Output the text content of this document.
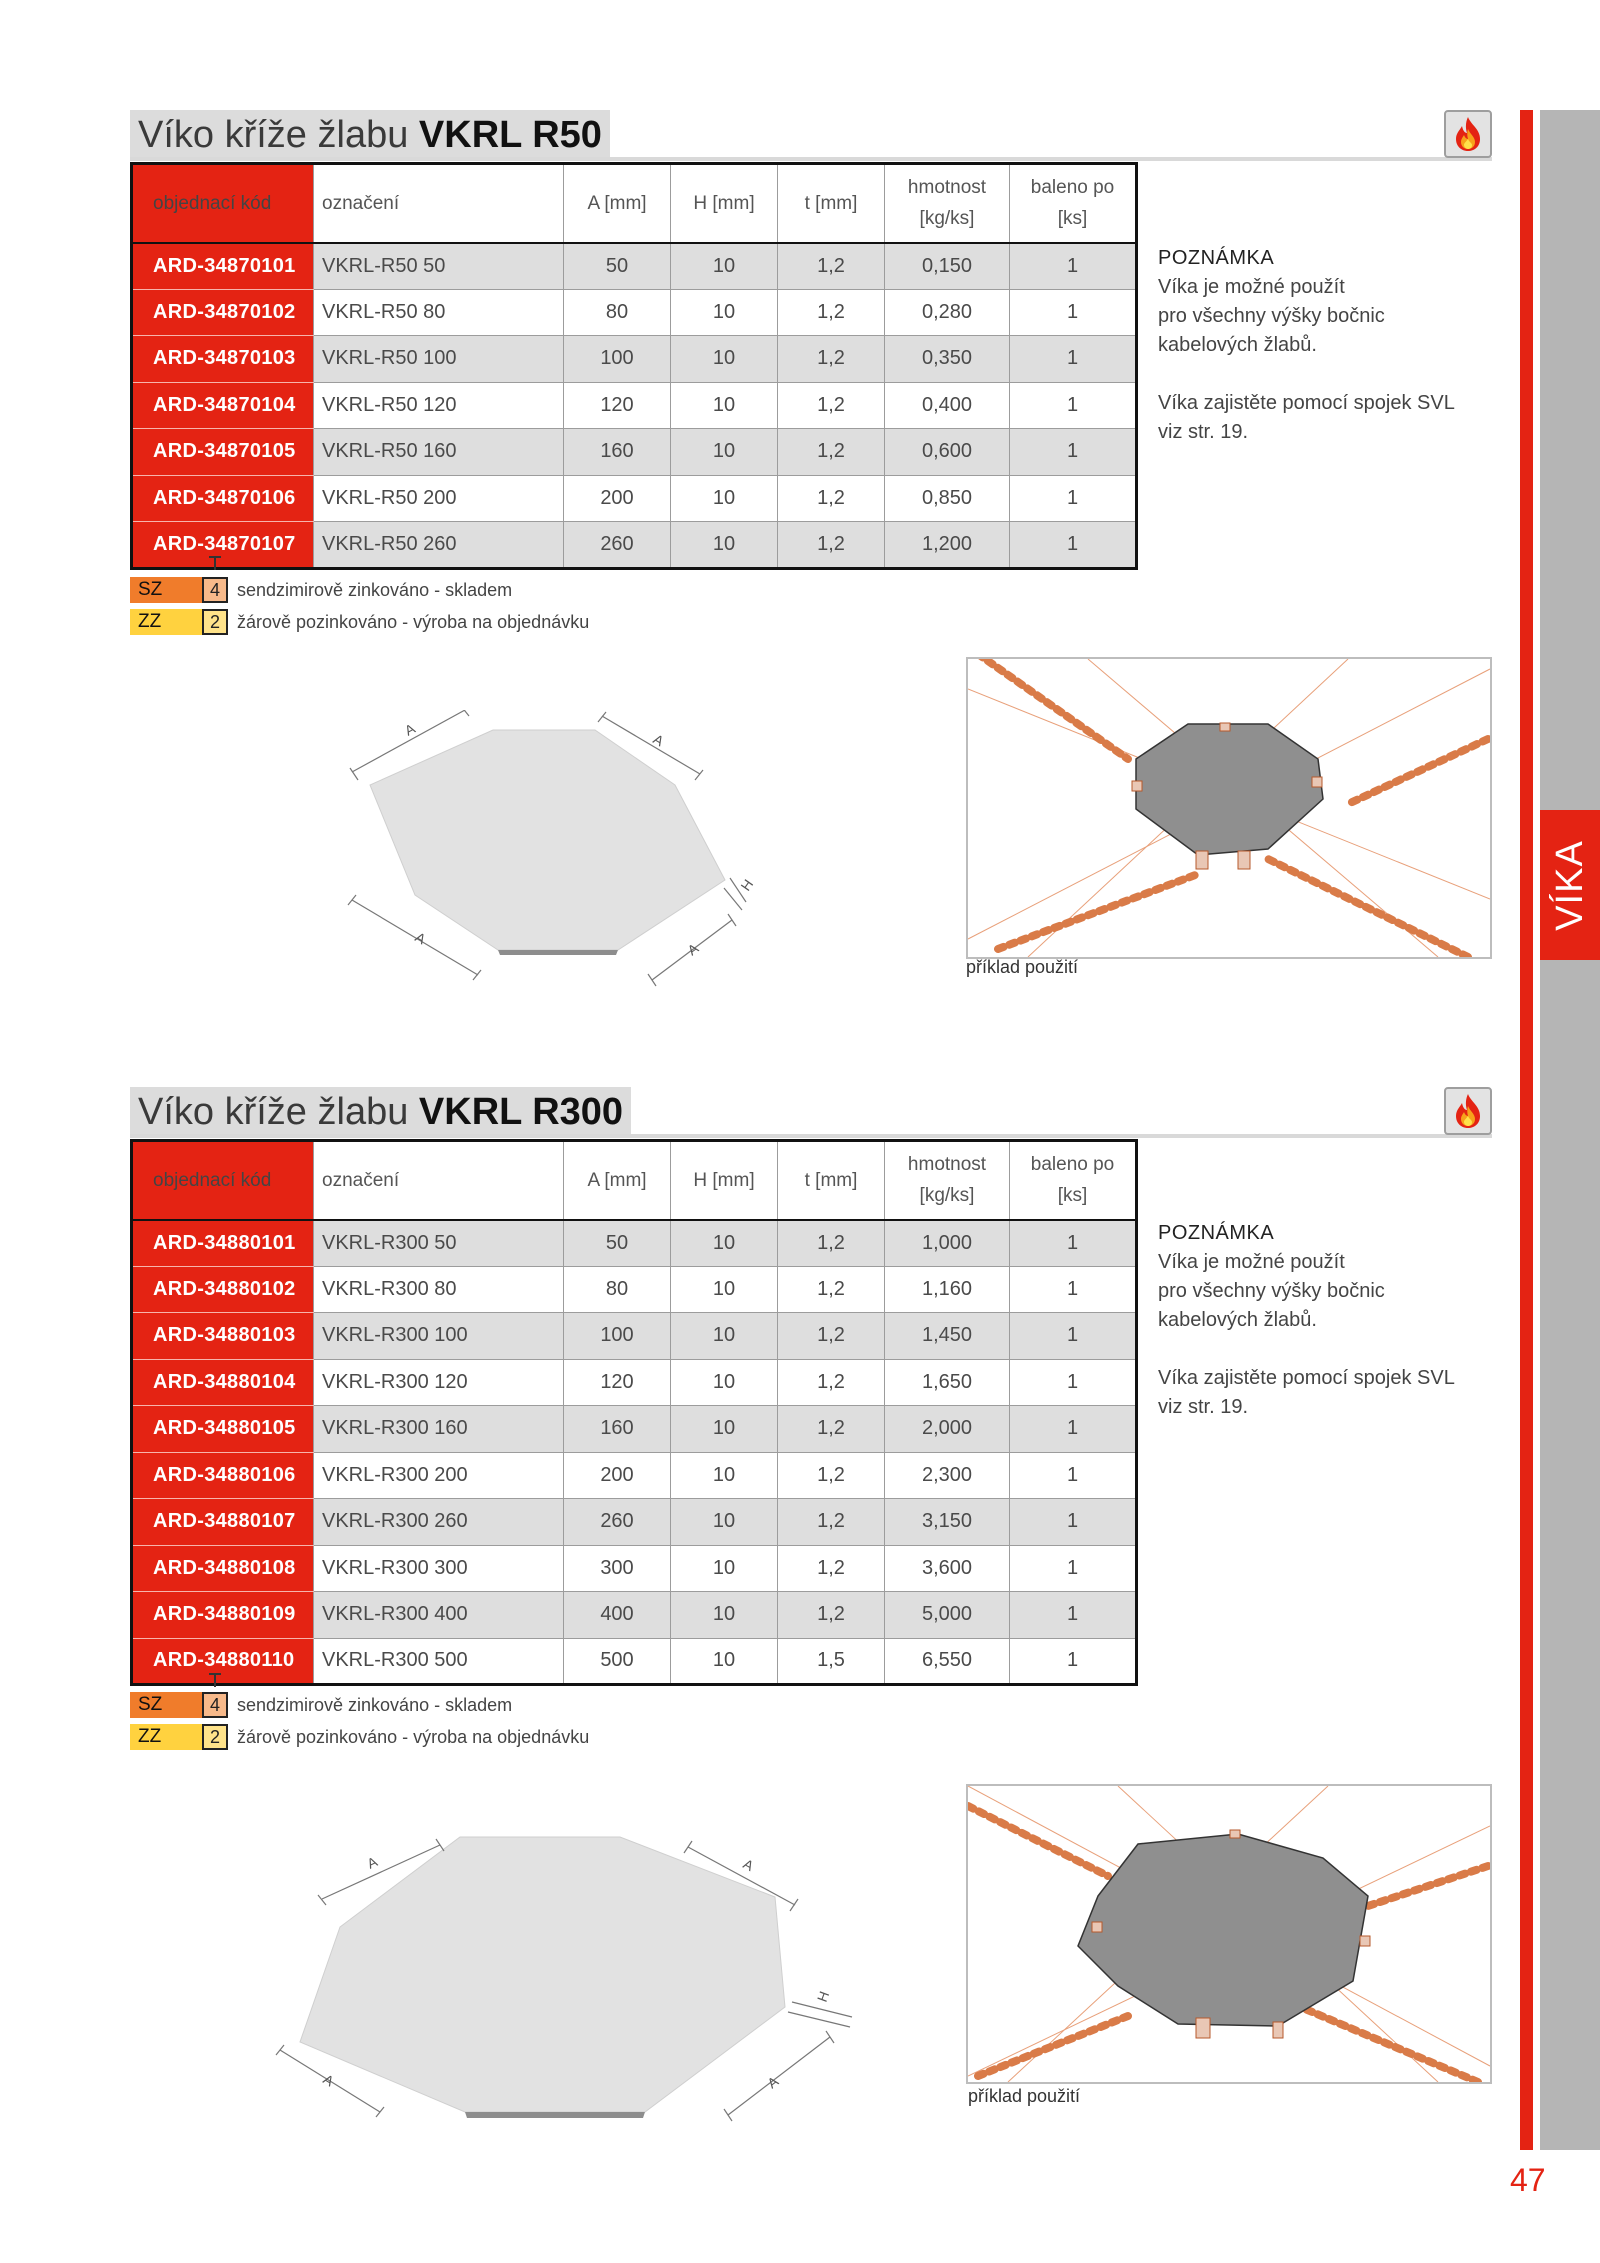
VÍKA
47
Víko kříže žlabu VKRL R50
objednací kód	označení	A [mm]	H [mm]	t [mm]	hmotnost
[kg/ks]	baleno po
[ks]
ARD-34870101	VKRL-R50 50	50	10	1,2	0,150	1
ARD-34870102	VKRL-R50 80	80	10	1,2	0,280	1
ARD-34870103	VKRL-R50 100	100	10	1,2	0,350	1
ARD-34870104	VKRL-R50 120	120	10	1,2	0,400	1
ARD-34870105	VKRL-R50 160	160	10	1,2	0,600	1
ARD-34870106	VKRL-R50 200	200	10	1,2	0,850	1
ARD-34870107	VKRL-R50 260	260	10	1,2	1,200	1
SZ	4 sendzimirově zinkováno - skladem
ZZ	2 žárově pozinkováno - výroba na objednávku

POZNÁMKA

Víka je možné použít

pro všechny výšky bočnic

kabelových žlabů.

Víka zajistěte pomocí spojek SVL

viz str. 19.

A
A
A
A
H
příklad použití
Víko kříže žlabu VKRL R300
objednací kód	označení	A [mm]	H [mm]	t [mm]	hmotnost
[kg/ks]	baleno po
[ks]
ARD-34880101	VKRL-R300 50	50	10	1,2	1,000	1
ARD-34880102	VKRL-R300 80	80	10	1,2	1,160	1
ARD-34880103	VKRL-R300 100	100	10	1,2	1,450	1
ARD-34880104	VKRL-R300 120	120	10	1,2	1,650	1
ARD-34880105	VKRL-R300 160	160	10	1,2	2,000	1
ARD-34880106	VKRL-R300 200	200	10	1,2	2,300	1
ARD-34880107	VKRL-R300 260	260	10	1,2	3,150	1
ARD-34880108	VKRL-R300 300	300	10	1,2	3,600	1
ARD-34880109	VKRL-R300 400	400	10	1,2	5,000	1
ARD-34880110	VKRL-R300 500	500	10	1,5	6,550	1
SZ	4 sendzimirově zinkováno - skladem
ZZ	2 žárově pozinkováno - výroba na objednávku

POZNÁMKA

Víka je možné použít

pro všechny výšky bočnic

kabelových žlabů.

Víka zajistěte pomocí spojek SVL

viz str. 19.

A	A
A	A
H
příklad použití
